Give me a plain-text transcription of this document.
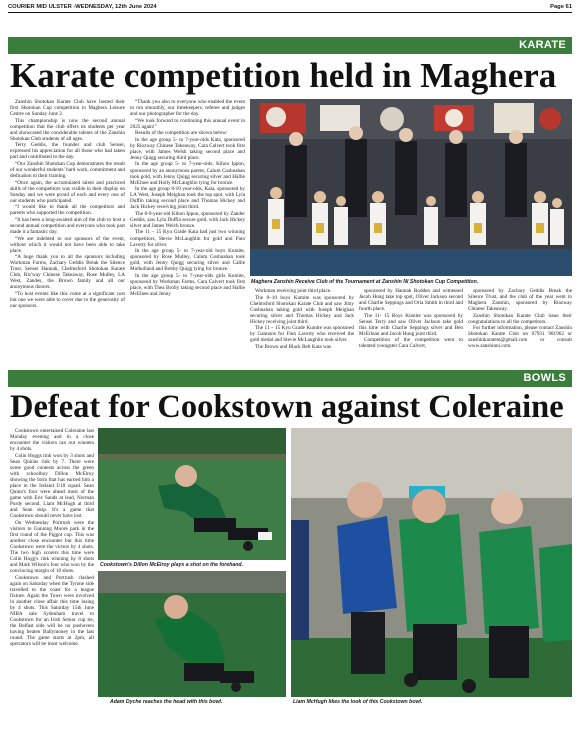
COURIER MID ULSTER -WEDNESDAY, 12th June 2024	Page 61
KARATE
Karate competition held in Maghera

Zanshin Shotokan Karate Club have hosted their first Shotokan Cup competition in Maghera Leisure Centre on Sunday June 2.

This championship is now the second annual competition that the club offers its students per year and showcased the considerable talents of the Zanshin Shotokan Club students of all ages.

Terry Geddis, the founder and club Sensei, expressed his appreciation for all those who had taken part and contributed to the day.

“Our Zanshin Shotokan Cup demonstrates the result of our wonderful students’ hard work, commitment and dedication to their training.

“Once again, the accumulated talent and practiced skills of the competitors was visible in their display on Sunday and we were proud of each and every one of our students who participated.

“I would like to thank all the competitors and parents who supported the competition.

“It has been a long-awaited aim of the club to host a second annual competition and everyone who took part made it a fantastic day.

“We are indebted to our sponsors of the event, without which it would not have been able to take place.

“A huge thank you to all the sponsors including Workman Farms, Zachary Geddis Break the Silence Trust, Sensei Hannah, Chelmsford Shotokan Karate Club, Riz'way Chinese Takeaway, Rose Mulley, LA West, Zandes, the Brown family and all our anonymous donors.

“To host events like this come at a significant cost but one we were able to cover due to the generosity of our sponsors.

“Thank you also to everyone who enabled the event to run smoothly, our timekeepers, referee and judges and our photographer for the day.

“We look forward to continuing this annual event in 2025 again!”

Results of the competition are shown below:

In the age group 5- to 7-year-olds Kata, sponsored by Riozway Chinese Takeaway, Cara Calvert took first place, with James Welsh taking second place and Jenny Quigg securing third place.

In the age group 5- to 7-year-olds, Kihon Ippon, sponsored by an anonymous parent, Calum Coshnahan took gold, with Jenny Quigg securing silver and Hallie McElnee and Holly McLaughlin tying for bronze.

In the age group 8-10 year-olds, Kata, sponsored by LA West, Joseph Meighan took the top spot, with Lyla Duffin taking second place and Thomas Hickey and Jack Hickey receiving joint third.

The 8-9-year-old Kihon Ippon, sponsored by Zander Geddis, saw Lyla Duffin secure gold, with Jack Hickey silver and James Welch bronze.

The 11 – 15 Kyu Grade Kata had just two winning competitors, Stevie McLaughlin for gold and Finn Laverty for silver.

In the age group 5- to 7-year-old boys Kumite, sponsored by Rose Mulley, Calum Coshnahan took gold, with Jenny Quigg securing silver and Callie Mulholland and Bobby Quigg tying for bronze.

In the age group 5- to 7-year-olds girls Kumite, sponsored by Workman Farms, Cara Calvert took first place, with Thea Brolly taking second place and Hallie McElnee and Jenny

Maghera Zanshin Receive Club of the Tournament at Zanshin NI Shotokan Cup Competition.

Workman receiving joint third place.

The 8–10 boys Kumite was sponsored by Chelmsford Shotokan Karate Club and saw Jimy Cushnahan taking gold with Joseph Meighan securing silver and Thomas Hickey and Jack Hickey receiving joint third.

The 11 – 15 Kyu Grade Kumite was sponsored by Gannons for Finn Laverty who received the gold medal and Stevie McLaughlin took silver.

The Brown and Black Belt Kata was

sponsored by Hannah Rodden and witnessed Jacob Hung take top spot, Oliver Jackson second and Charlie Seppings and Orla Smith in third and fourth place.

The 11- 15 Boys Kumite was sponsored by Sensei Terry and saw Oliver Jackson take gold this time with Charlie Seppings silver and Ben McErlean and Jacob Hung joint third.

Competition of the competition went to talented youngster Cara Calvert,

sponsored by Zachary Geddis Break the Silence Trust, and the club of the year went to Maghera Zanshin, sponsored by Riozway Chinese Takeaway.

Zanshin Shotokan Karate Club issue their congratulations to all the competitors.

For further information, please contact Zanshin Shotokan Karate Club on 07931 981962 or zanshinkaratem@gmail.com or consult www.zanshinni.com.

BOWLS
Defeat for Cookstown against Coleraine

Cookstown entertained Coleraine last Monday evening and in a close encounter the visitors ran out winners by 4 shots.

Colin Hoggs rink won by 3 shots and Sean Quinns rink by 7. There were some good contests across the green with schoolboy Dillon McElroy showing the form that has earned him a place in the Ireland U18 squad. Sean Quinn's four were ahead most of the game with Eric Sands at lead, Norman Purdy second, Liam McHugh at third and Sean skip. It's a game that Cookstown should never have lost.

On Wednesday Portrush were the visitors to Gunning Moore park in the first round of the Piggot cup. This was another close encounter but this time Cookstown were the victors by 4 shots. The two high scorers this time were Colin Hogg's rink winning by 8 shots and Mark Wilson's four who won by the convincing margin of 10 shots.

Cookstown and Portrush clashed again on Saturday when the Tyrone side travelled to the coast for a league fixture. Again the Town were involved in another close affair this time losing by 4 shots. This Saturday 15th June NIBA sale Sydenham travel to Cookstown for an Irish Senior cup tie, the Belfast side will be no pushovers having beaten Ballymoney in the last round. The game starts at 2pm, all spectators will be most welcome.

Cookstown's Dillon McElroy plays a shot on the forehand.
Adam Dyche reaches the head with this bowl.	Liam McHugh likes the look of this Cookstown bowl.
